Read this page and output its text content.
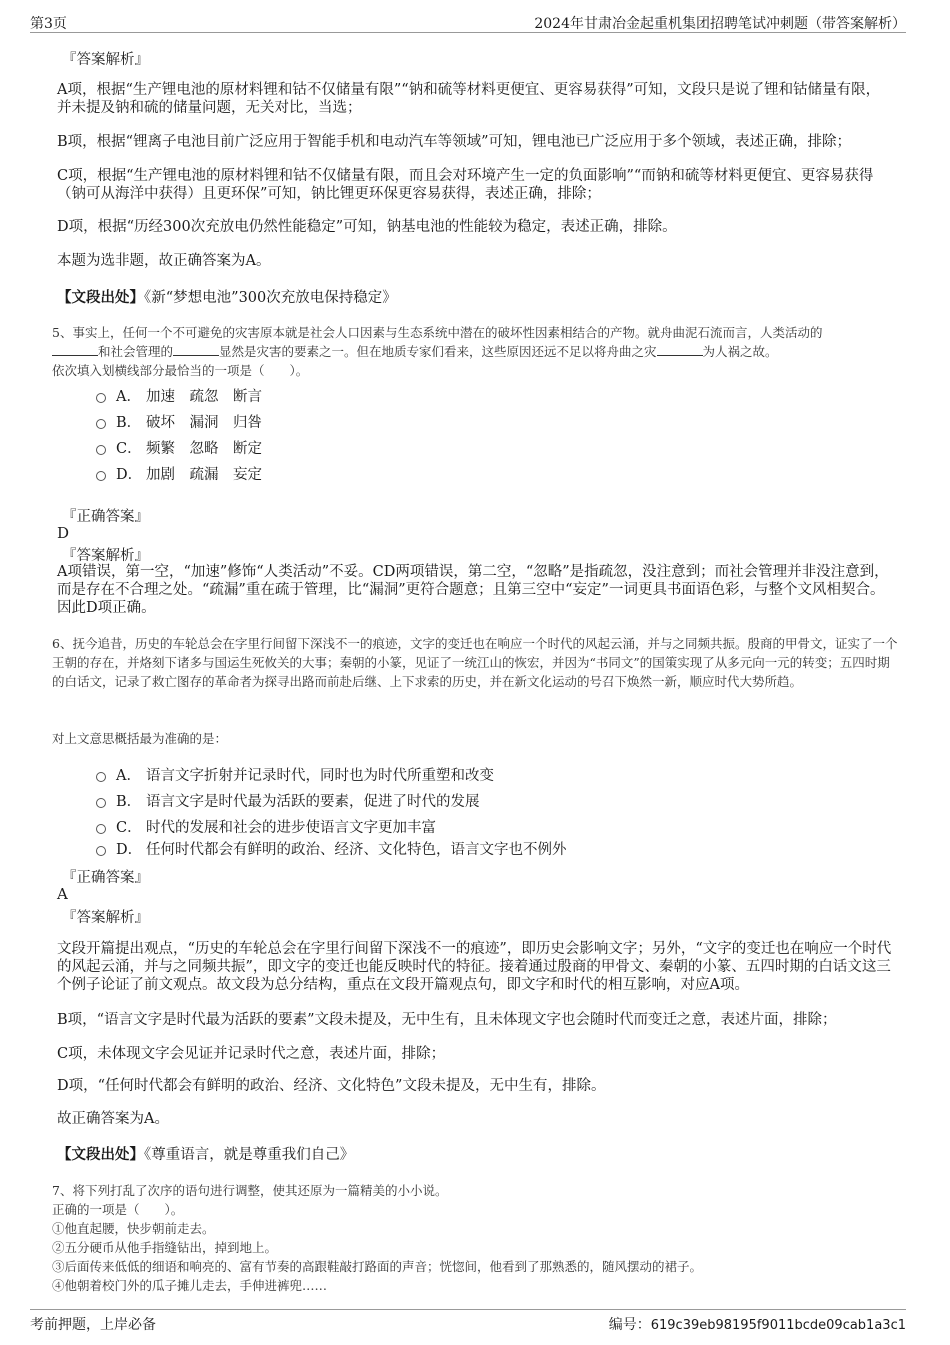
第3页	2024年甘肃冶金起重机集团招聘笔试冲刺题（带答案解析）
『答案解析』
A项，根据“生产锂电池的原材料锂和钴不仅储量有限”“钠和硫等材料更便宜、更容易获得”可知，文段只是说了锂和钴储量有限，并未提及钠和硫的储量问题，无关对比，当选；
B项，根据“锂离子电池目前广泛应用于智能手机和电动汽车等领域”可知，锂电池已广泛应用于多个领域，表述正确，排除；
C项，根据“生产锂电池的原材料锂和钴不仅储量有限，而且会对环境产生一定的负面影响”“而钠和硫等材料更便宜、更容易获得（钠可从海洋中获得）且更环保”可知，钠比锂更环保更容易获得，表述正确，排除；
D项，根据“历经300次充放电仍然性能稳定”可知，钠基电池的性能较为稳定，表述正确，排除。
本题为选非题，故正确答案为A。
【文段出处】《新“梦想电池”300次充放电保持稳定》
5、事实上，任何一个不可避免的灾害原本就是社会人口因素与生态系统中潜在的破坏性因素相结合的产物。就舟曲泥石流而言，人类活动的
和社会管理的	显然是灾害的要素之一。但在地质专家们看来，这些原因还远不足以将舟曲之灾	为人祸之故。
依次填入划横线部分最恰当的一项是（　　）。
A． 加速　疏忽　断言
B． 破坏　漏洞　归咎
C． 频繁　忽略　断定
D． 加剧　疏漏　妄定
『正确答案』
D
『答案解析』
A项错误，第一空，“加速”修饰“人类活动”不妥。CD两项错误，第二空，“忽略”是指疏忽，没注意到；而社会管理并非没注意到，而是存在不合理之处。“疏漏”重在疏于管理，比“漏洞”更符合题意；且第三空中“妄定”一词更具书面语色彩，与整个文风相契合。因此D项正确。
6、抚今追昔，历史的车轮总会在字里行间留下深浅不一的痕迹，文字的变迁也在响应一个时代的风起云涌，并与之同频共振。殷商的甲骨文，证实了一个王朝的存在，并烙刻下诸多与国运生死攸关的大事；秦朝的小篆，见证了一统江山的恢宏，并因为“书同文”的国策实现了从多元向一元的转变；五四时期的白话文，记录了救亡图存的革命者为探寻出路而前赴后继、上下求索的历史，并在新文化运动的号召下焕然一新，顺应时代大势所趋。
对上文意思概括最为准确的是：
A． 语言文字折射并记录时代，同时也为时代所重塑和改变
B． 语言文字是时代最为活跃的要素，促进了时代的发展
C． 时代的发展和社会的进步使语言文字更加丰富
D． 任何时代都会有鲜明的政治、经济、文化特色，语言文字也不例外
『正确答案』
A
『答案解析』
文段开篇提出观点，“历史的车轮总会在字里行间留下深浅不一的痕迹”，即历史会影响文字；另外，“文字的变迁也在响应一个时代的风起云涌，并与之同频共振”，即文字的变迁也能反映时代的特征。接着通过殷商的甲骨文、秦朝的小篆、五四时期的白话文这三个例子论证了前文观点。故文段为总分结构，重点在文段开篇观点句，即文字和时代的相互影响，对应A项。
B项，“语言文字是时代最为活跃的要素”文段未提及，无中生有，且未体现文字也会随时代而变迁之意，表述片面，排除；
C项，未体现文字会见证并记录时代之意，表述片面，排除；
D项，“任何时代都会有鲜明的政治、经济、文化特色”文段未提及，无中生有，排除。
故正确答案为A。
【文段出处】《尊重语言，就是尊重我们自己》
7、将下列打乱了次序的语句进行调整，使其还原为一篇精美的小小说。
正确的一项是（　　）。
①他直起腰，快步朝前走去。
②五分硬币从他手指缝钻出，掉到地上。
③后面传来低低的细语和响亮的、富有节奏的高跟鞋敲打路面的声音；恍惚间，他看到了那熟悉的，随风摆动的裙子。
④他朝着校门外的瓜子摊儿走去，手伸进裤兜……
考前押题，上岸必备	编号：619c39eb98195f9011bcde09cab1a3c1
